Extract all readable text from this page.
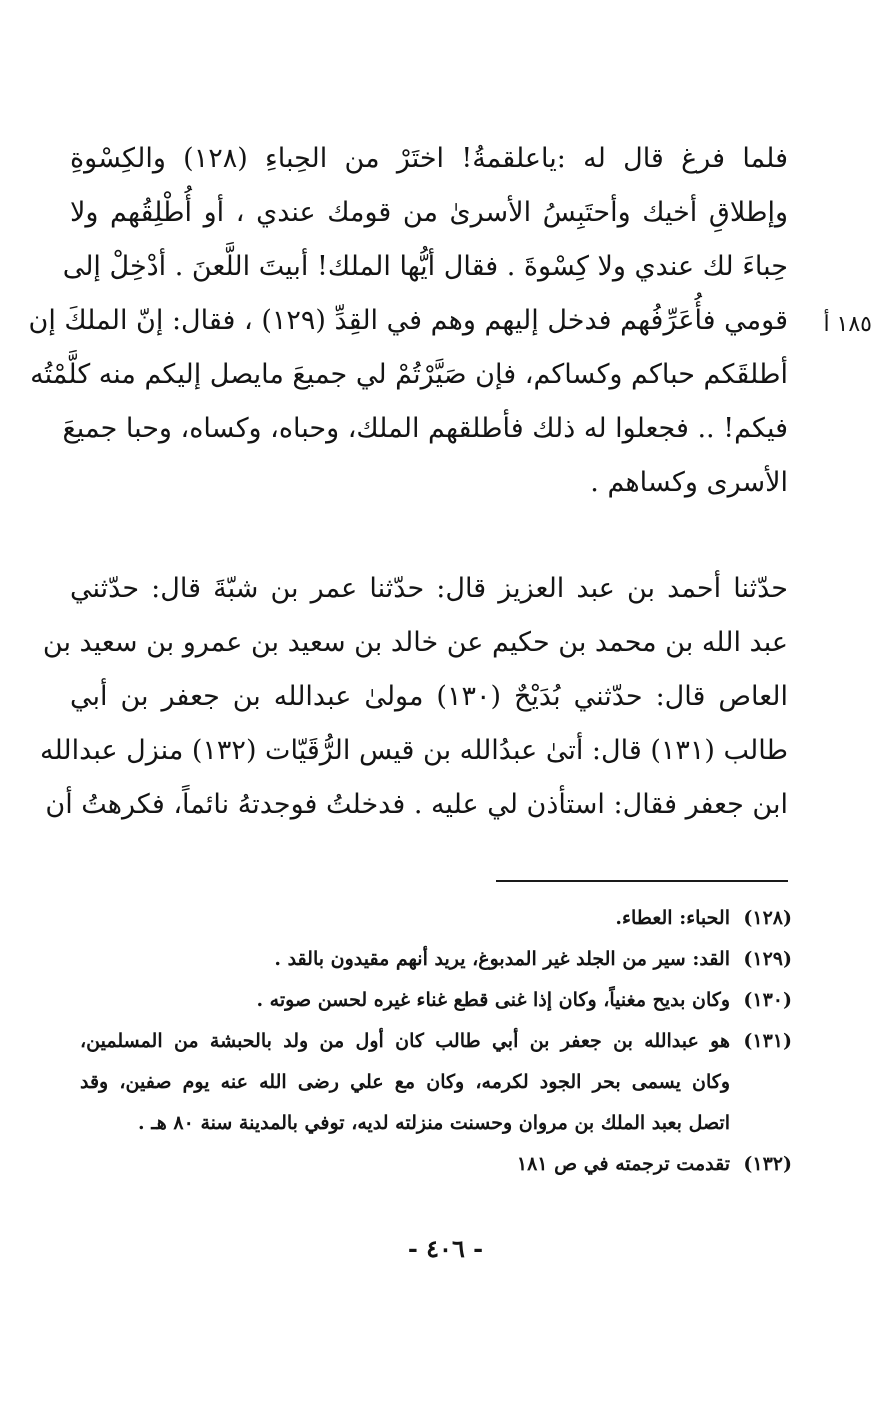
فلما فرغ قال له :ياعلقمةُ! اختَرْ من الحِباءِ (١٢٨) والكِسْوةِ
وإطلاقِ أخيك وأحتَبِسُ الأسرىٰ من قومك عندي ، أو أُطْلِقُهم ولا
حِباءَ لك عندي ولا كِسْوةَ . فقال أيُّها الملك! أبيتَ اللَّعنَ . أدْخِلْ إلى
قومي فأُعَرِّفُهم فدخل إليهم وهم في القِدِّ (١٢٩) ، فقال: إنّ الملكَ إن
أطلقَكم حباكم وكساكم، فإن صَيَّرْتُمْ لي جميعَ مايصل إليكم منه كلَّمْتُه
فيكم! .. فجعلوا له ذلك فأطلقهم الملك، وحباه، وكساه، وحبا جميعَ
الأسرى وكساهم .
١٨٥ أ
حدّثنا أحمد بن عبد العزيز قال: حدّثنا عمر بن شبّةَ قال: حدّثني
عبد الله بن محمد بن حكيم عن خالد بن سعيد بن عمرو بن سعيد بن
العاص قال: حدّثني بُدَيْحٌ (١٣٠) مولىٰ عبدالله بن جعفر بن أبي
طالب (١٣١) قال: أتىٰ عبدُالله بن قيس الرُّقَيّات (١٣٢) منزل عبدالله
ابن جعفر فقال: استأذن لي عليه . فدخلتُ فوجدتهُ نائماً، فكرهتُ أن
(١٢٨)
الحباء: العطاء.
(١٢٩)
القد: سير من الجلد غير المدبوغ، يريد أنهم مقيدون بالقد .
(١٣٠)
وكان بديح مغنياً، وكان إذا غنى قطع غناء غيره لحسن صوته .
(١٣١)
هو عبدالله بن جعفر بن أبي طالب كان أول من ولد بالحبشة من المسلمين،
وكان يسمى بحر الجود لكرمه، وكان مع علي رضى الله عنه يوم صفين، وقد
اتصل بعبد الملك بن مروان وحسنت منزلته لديه، توفي بالمدينة سنة ٨٠ هـ .
(١٣٢)
تقدمت ترجمته في ص ١٨١
- ٤٠٦ -
